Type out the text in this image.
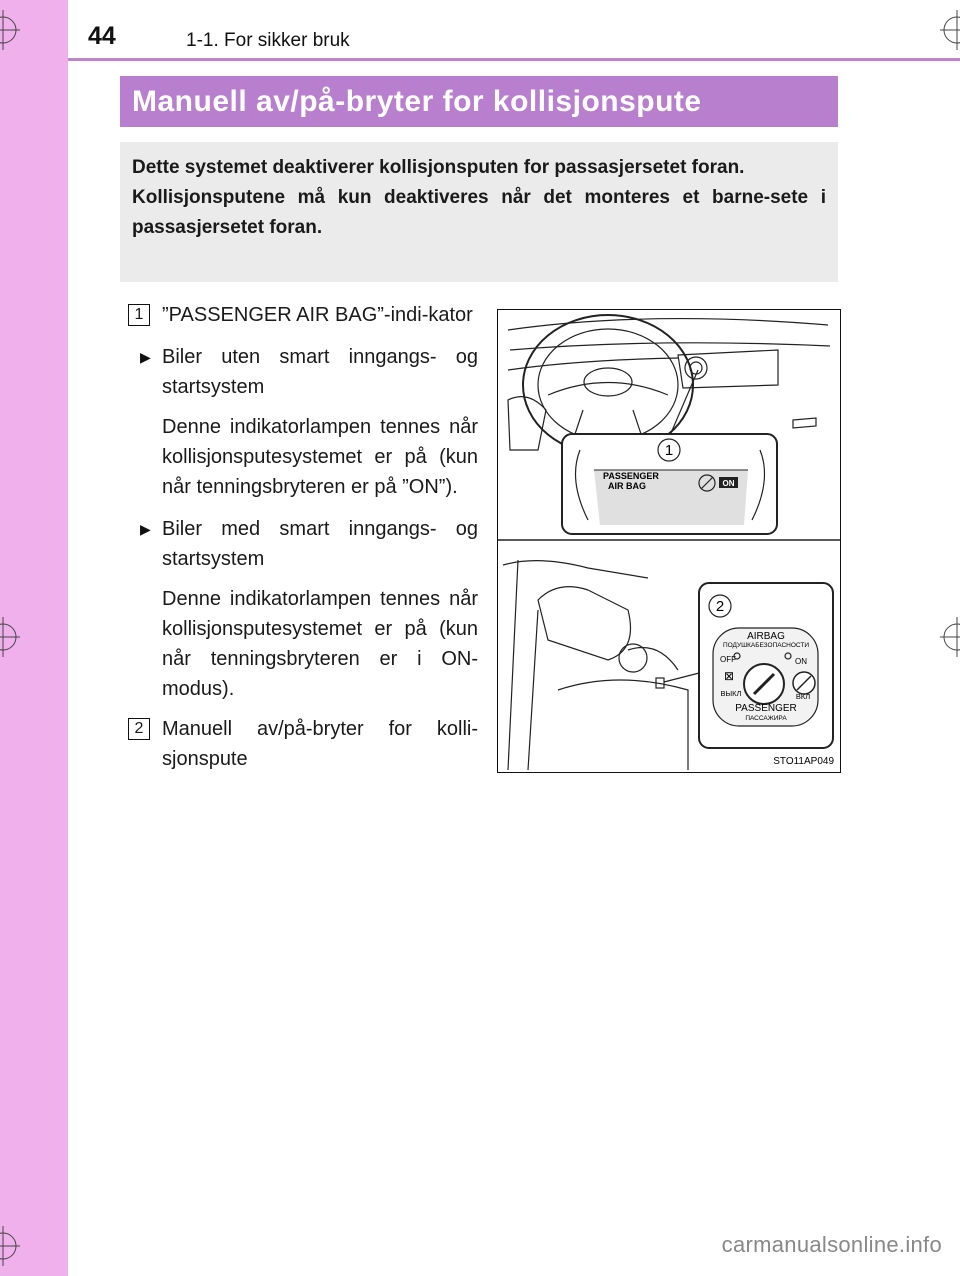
44	1-1. For sikker bruk
Manuell av/på-bryter for kollisjonspute

Dette systemet deaktiverer kollisjonsputen for passasjersetet foran.

Kollisjonsputene må kun deaktiveres når det monteres et barne-sete i passasjersetet foran.

1 ”PASSENGER AIR BAG”-indi-kator
▶ Biler uten smart inngangs- og startsystem
Denne indikatorlampen tennes når kollisjonsputesystemet er på (kun når tenningsbryteren er på ”ON”).
▶ Biler med smart inngangs- og startsystem
Denne indikatorlampen tennes når kollisjonsputesystemet er på (kun når tenningsbryteren er i ON-modus).
2 Manuell av/på-bryter for kolli-sjonspute
1
2
PASSENGER
AIR BAG	ON
AIRBAG
ПОДУШКАБЕЗОПАСНОСТИ
OFF	ON
ВЫКЛ	ВКЛ
PASSENGER
ПАССАЖИРА
⊠
STO11AP049
carmanualsonline.info
